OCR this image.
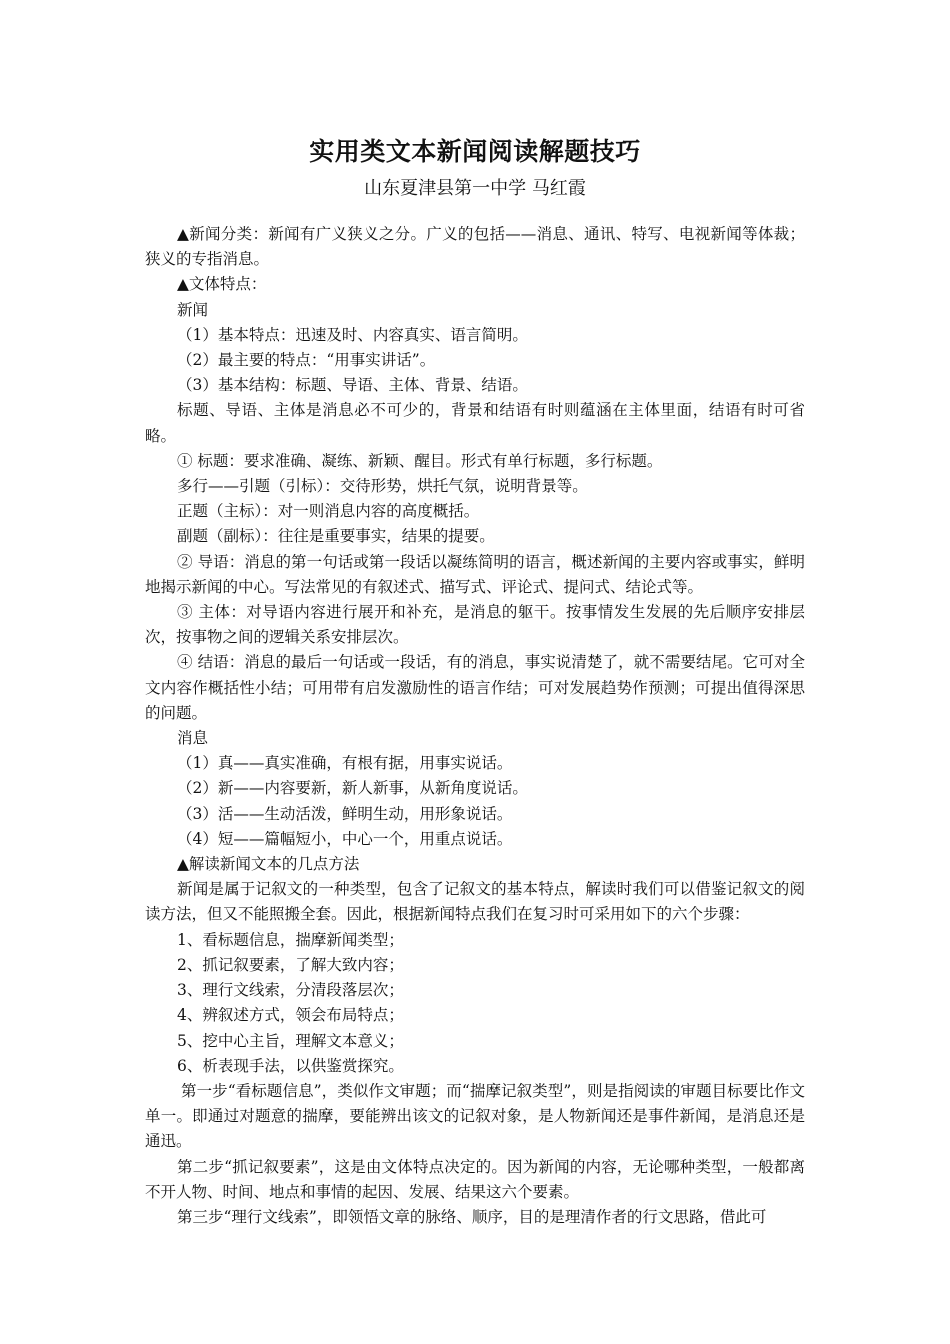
实用类文本新闻阅读解题技巧
山东夏津县第一中学 马红霞

▲新闻分类：新闻有广义狭义之分。广义的包括——消息、通讯、特写、电视新闻等体裁；狭义的专指消息。

▲文体特点：

新闻

（1）基本特点：迅速及时、内容真实、语言简明。

（2）最主要的特点：“用事实讲话”。

（3）基本结构：标题、导语、主体、背景、结语。

标题、导语、主体是消息必不可少的，背景和结语有时则蕴涵在主体里面，结语有时可省略。

① 标题：要求准确、凝练、新颖、醒目。形式有单行标题，多行标题。

多行——引题（引标）：交待形势，烘托气氛，说明背景等。

正题（主标）：对一则消息内容的高度概括。

副题（副标）：往往是重要事实，结果的提要。

② 导语：消息的第一句话或第一段话以凝练简明的语言，概述新闻的主要内容或事实，鲜明地揭示新闻的中心。写法常见的有叙述式、描写式、评论式、提问式、结论式等。

③ 主体：对导语内容进行展开和补充，是消息的躯干。按事情发生发展的先后顺序安排层次，按事物之间的逻辑关系安排层次。

④ 结语：消息的最后一句话或一段话，有的消息，事实说清楚了，就不需要结尾。它可对全文内容作概括性小结；可用带有启发激励性的语言作结；可对发展趋势作预测；可提出值得深思的问题。

消息

（1）真——真实准确，有根有据，用事实说话。

（2）新——内容要新，新人新事，从新角度说话。

（3）活——生动活泼，鲜明生动，用形象说话。

（4）短——篇幅短小，中心一个，用重点说话。

▲解读新闻文本的几点方法

新闻是属于记叙文的一种类型，包含了记叙文的基本特点，解读时我们可以借鉴记叙文的阅读方法，但又不能照搬全套。因此，根据新闻特点我们在复习时可采用如下的六个步骤：

1、看标题信息，揣摩新闻类型；

2、抓记叙要素，了解大致内容；

3、理行文线索，分清段落层次；

4、辨叙述方式，领会布局特点；

5、挖中心主旨，理解文本意义；

6、析表现手法，以供鉴赏探究。

第一步“看标题信息”，类似作文审题；而“揣摩记叙类型”，则是指阅读的审题目标要比作文单一。即通过对题意的揣摩，要能辨出该文的记叙对象，是人物新闻还是事件新闻，是消息还是通迅。

第二步“抓记叙要素”，这是由文体特点决定的。因为新闻的内容，无论哪种类型，一般都离不开人物、时间、地点和事情的起因、发展、结果这六个要素。

第三步“理行文线索”，即领悟文章的脉络、顺序，目的是理清作者的行文思路，借此可
